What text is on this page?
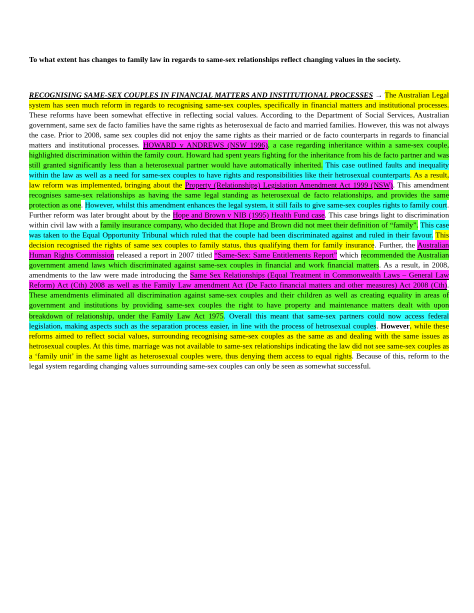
To what extent has changes to family law in regards to same-sex relationships reflect changing values in the society.
RECOGNISING SAME-SEX COUPLES IN FINANCIAL MATTERS AND INSTITUTIONAL PROCESSES → The Australian Legal system has seen much reform in regards to recognising same-sex couples, specifically in financial matters and institutional processes. These reforms have been somewhat effective in reflecting social values. According to the Department of Social Services, Australian government, same sex de facto families have the same rights as heterosexual de facto and married families. However, this was not always the case. Prior to 2008, same sex couples did not enjoy the same rights as their married or de facto counterparts in regards to financial matters and institutional processes. HOWARD v ANDREWS (NSW 1996), a case regarding inheritance within a same-sex couple, highlighted discrimination within the family court. Howard had spent years fighting for the inheritance from his de facto partner and was still granted significantly less than a heterosexual partner would have automatically inherited. This case outlined faults and inequality within the law as well as a need for same-sex couples to have rights and responsibilities like their hetrosexual counterparts. As a result, law reform was implemented, bringing about the Property (Relationships) Legislation Amendment Act 1999 (NSW). This amendment recognises same-sex relationships as having the same legal standing as heterosexual de facto relationships, and provides the same protection as one. However, whilst this amendment enhances the legal system, it still fails to give same-sex couples rights to family court. Further reform was later brought about by the Hope and Brown v NIB (1995) Health Fund case. This case brings light to discrimination within civil law with a family insurance company, who decided that Hope and Brown did not meet their definition of “family”. This case was taken to the Equal Opportunity Tribunal which ruled that the couple had been discriminated against and ruled in their favour. This decision recognised the rights of same sex couples to family status, thus qualifying them for family insurance. Further, the Australian Human Rights Commission released a report in 2007 titled “Same-Sex: Same Entitlements Report” which recommended the Australian government amend laws which discriminated against same-sex couples in financial and work financial matters. As a result, in 2008, amendments to the law were made introducing the Same Sex Relationships (Equal Treatment in Commonwealth Laws – General Law Reform) Act (Cth) 2008 as well as the Family Law amendment Act (De Facto financial matters and other measures) Act 2008 (Cth). These amendments eliminated all discrimination against same-sex couples and their children as well as creating equality in areas of government and institutions by providing same-sex couples the right to have property and maintenance matters dealt with upon breakdown of relationship, under the Family Law Act 1975. Overall this meant that same-sex partners could now access federal legislation, making aspects such as the separation process easier, in line with the process of hetrosexual couples. However, while these reforms aimed to reflect social values, surrounding recognising same-sex couples as the same as and dealing with the same issues as hetrosexual couples. At this time, marriage was not available to same-sex relationships indicating the law did not see same-sex couples as a ‘family unit’ in the same light as heterosexual couples were, thus denying them access to equal rights. Because of this, reform to the legal system regarding changing values surrounding same-sex couples can only be seen as somewhat successful.
